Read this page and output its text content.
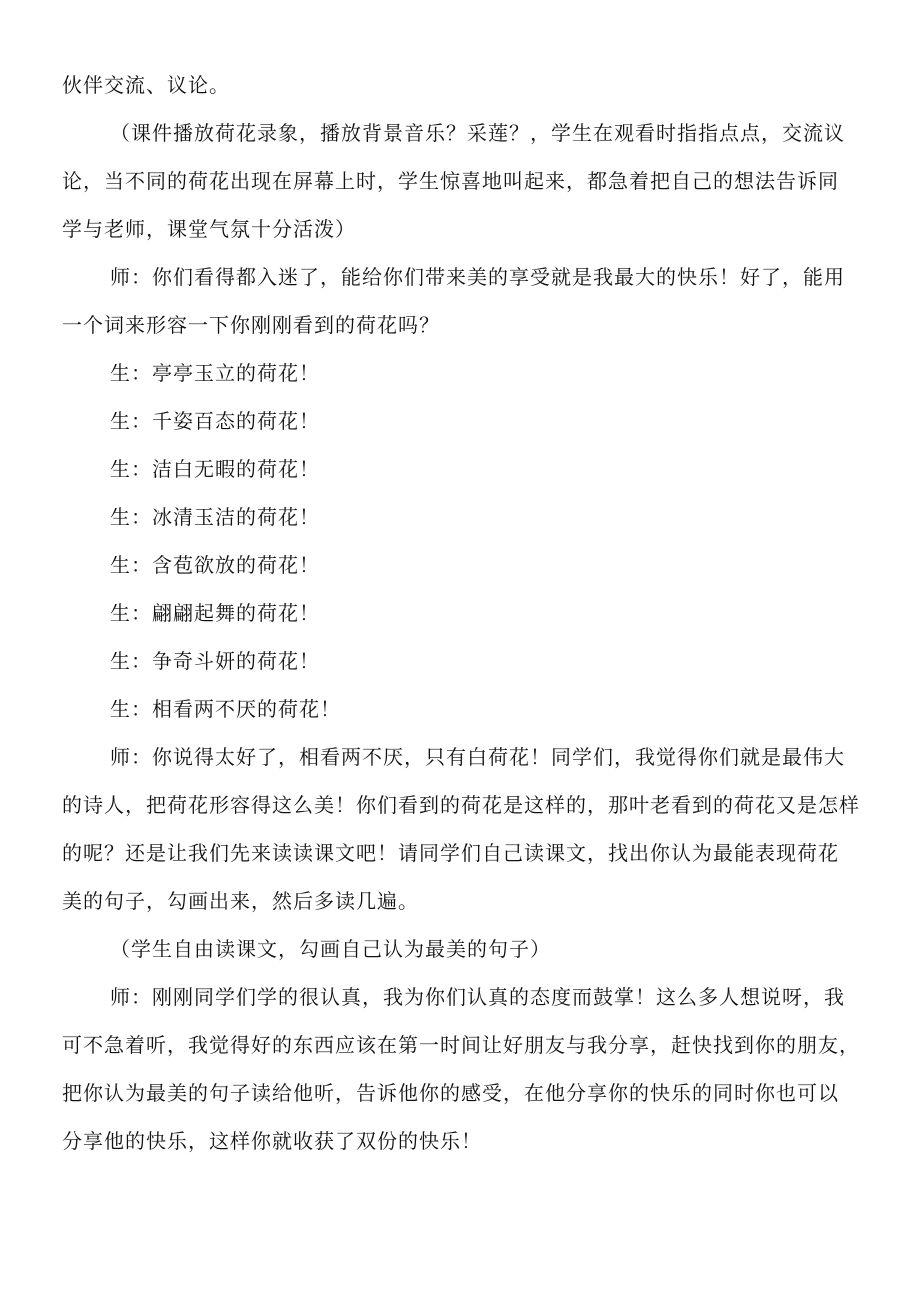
伙伴交流、议论。

（课件播放荷花录象，播放背景音乐？采莲？，学生在观看时指指点点，交流议

论，当不同的荷花出现在屏幕上时，学生惊喜地叫起来，都急着把自己的想法告诉同

学与老师，课堂气氛十分活泼）

师：你们看得都入迷了，能给你们带来美的享受就是我最大的快乐！好了，能用

一个词来形容一下你刚刚看到的荷花吗？

生：亭亭玉立的荷花！

生：千姿百态的荷花！

生：洁白无暇的荷花！

生：冰清玉洁的荷花！

生：含苞欲放的荷花！

生：翩翩起舞的荷花！

生：争奇斗妍的荷花！

生：相看两不厌的荷花！

师：你说得太好了，相看两不厌，只有白荷花！同学们，我觉得你们就是最伟大

的诗人，把荷花形容得这么美！你们看到的荷花是这样的，那叶老看到的荷花又是怎样

的呢？还是让我们先来读读课文吧！请同学们自己读课文，找出你认为最能表现荷花

美的句子，勾画出来，然后多读几遍。

（学生自由读课文，勾画自己认为最美的句子）

师：刚刚同学们学的很认真，我为你们认真的态度而鼓掌！这么多人想说呀，我

可不急着听，我觉得好的东西应该在第一时间让好朋友与我分享，赶快找到你的朋友，

把你认为最美的句子读给他听，告诉他你的感受，在他分享你的快乐的同时你也可以

分享他的快乐，这样你就收获了双份的快乐！
